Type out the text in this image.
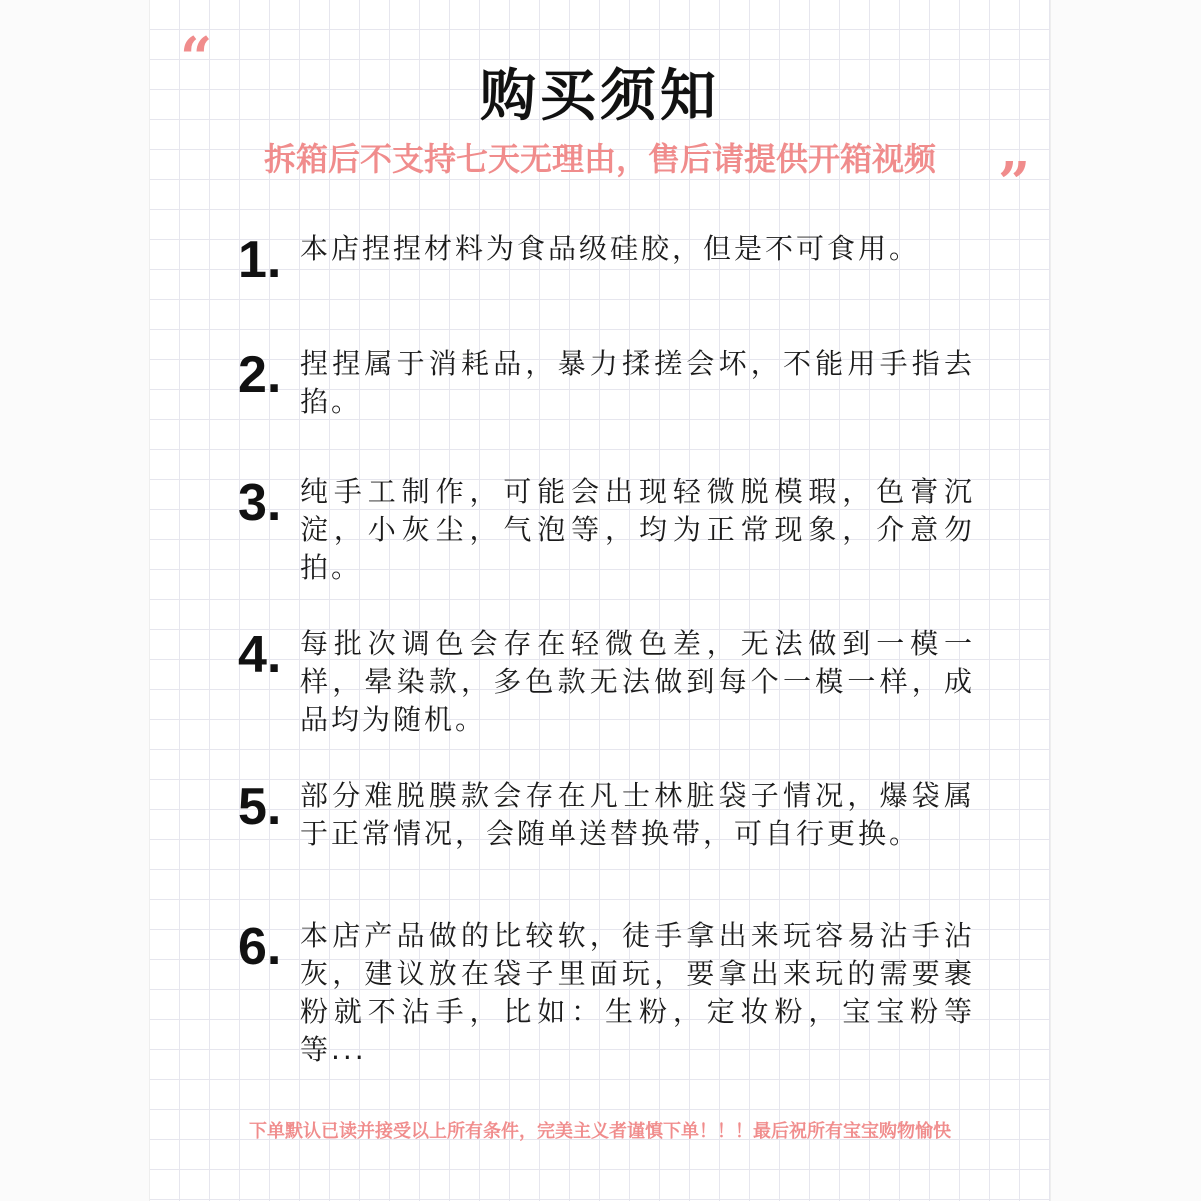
“
购买须知

拆箱后不支持七天无理由，售后请提供开箱视频	”
1. 本店捏捏材料为食品级硅胶，但是不可食用。
2. 捏捏属于消耗品，暴力揉搓会坏，不能用手指去掐。
3. 纯手工制作，可能会出现轻微脱模瑕，色膏沉淀，小灰尘，气泡等，均为正常现象，介意勿拍。
4. 每批次调色会存在轻微色差，无法做到一模一样，晕染款，多色款无法做到每个一模一样，成品均为随机。
5. 部分难脱膜款会存在凡士林脏袋子情况，爆袋属于正常情况，会随单送替换带，可自行更换。
6. 本店产品做的比较软，徒手拿出来玩容易沾手沾灰，建议放在袋子里面玩，要拿出来玩的需要裹粉就不沾手，比如：生粉，定妆粉，宝宝粉等等...

下单默认已读并接受以上所有条件，完美主义者谨慎下单！！！最后祝所有宝宝购物愉快
